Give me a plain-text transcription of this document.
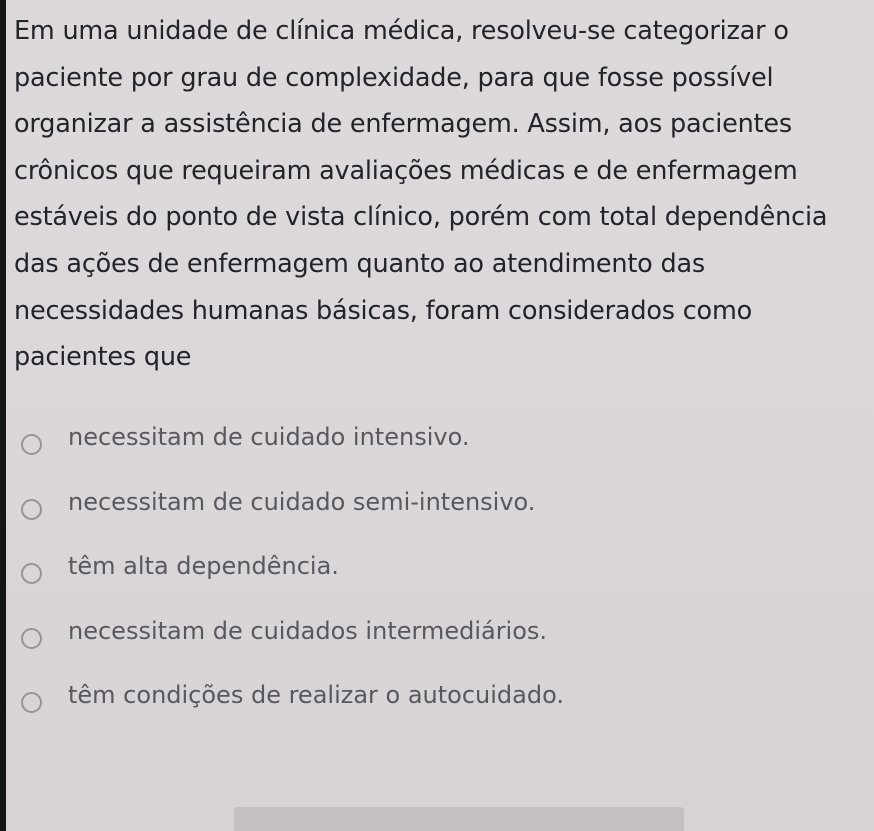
Em uma unidade de clínica médica, resolveu-se categorizar o paciente por grau de complexidade, para que fosse possível organizar a assistência de enfermagem. Assim, aos pacientes crônicos que requeiram avaliações médicas e de enfermagem estáveis do ponto de vista clínico, porém com total dependência das ações de enfermagem quanto ao atendimento das necessidades humanas básicas, foram considerados como pacientes que

necessitam de cuidado intensivo.
necessitam de cuidado semi-intensivo.
têm alta dependência.
necessitam de cuidados intermediários.
têm condições de realizar o autocuidado.
